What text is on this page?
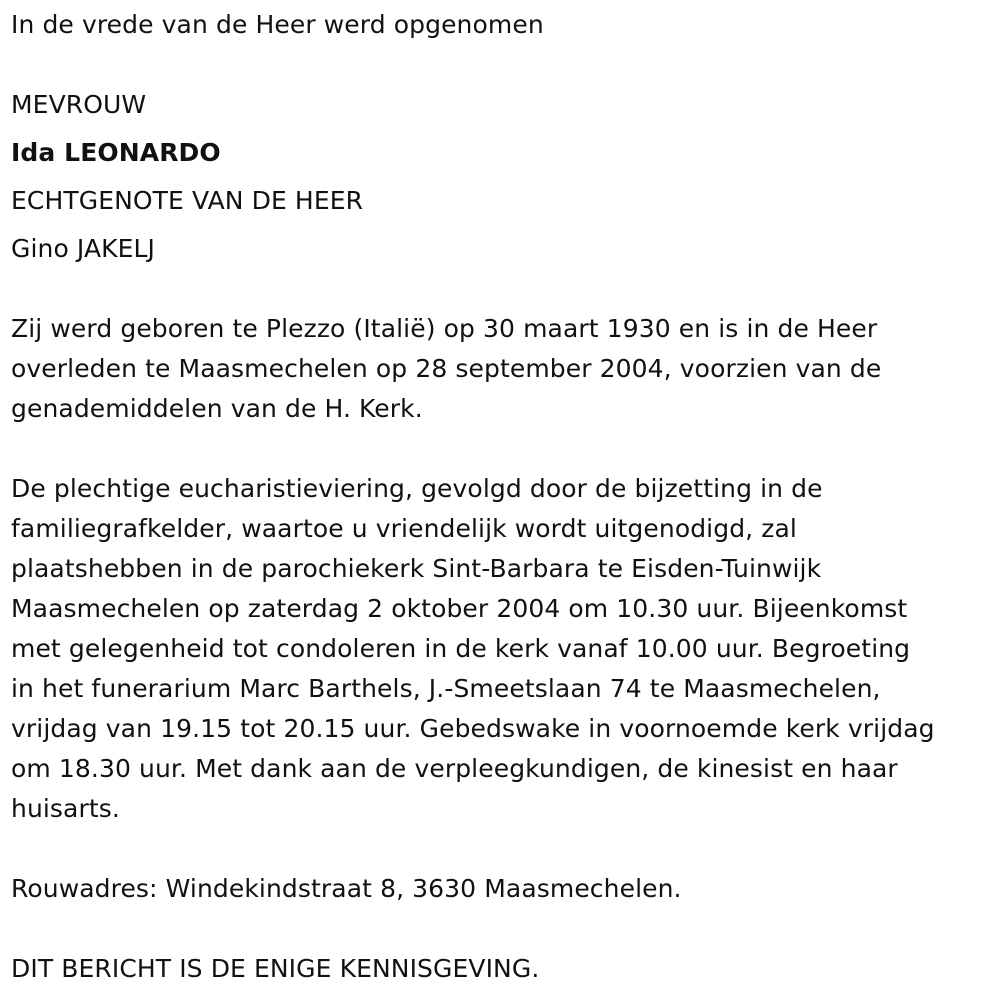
In de vrede van de Heer werd opgenomen
MEVROUW
Ida LEONARDO
ECHTGENOTE VAN DE HEER
Gino JAKELJ
Zij werd geboren te Plezzo (Italië) op 30 maart 1930 en is in de Heer
overleden te Maasmechelen op 28 september 2004, voorzien van de
genademiddelen van de H. Kerk.
De plechtige eucharistieviering, gevolgd door de bijzetting in de
familiegrafkelder, waartoe u vriendelijk wordt uitgenodigd, zal
plaatshebben in de parochiekerk Sint-Barbara te Eisden-Tuinwijk
Maasmechelen op zaterdag 2 oktober 2004 om 10.30 uur. Bijeenkomst
met gelegenheid tot condoleren in de kerk vanaf 10.00 uur. Begroeting
in het funerarium Marc Barthels, J.-Smeetslaan 74 te Maasmechelen,
vrijdag van 19.15 tot 20.15 uur. Gebedswake in voornoemde kerk vrijdag
om 18.30 uur. Met dank aan de verpleegkundigen, de kinesist en haar
huisarts.
Rouwadres: Windekindstraat 8, 3630 Maasmechelen.
DIT BERICHT IS DE ENIGE KENNISGEVING.
